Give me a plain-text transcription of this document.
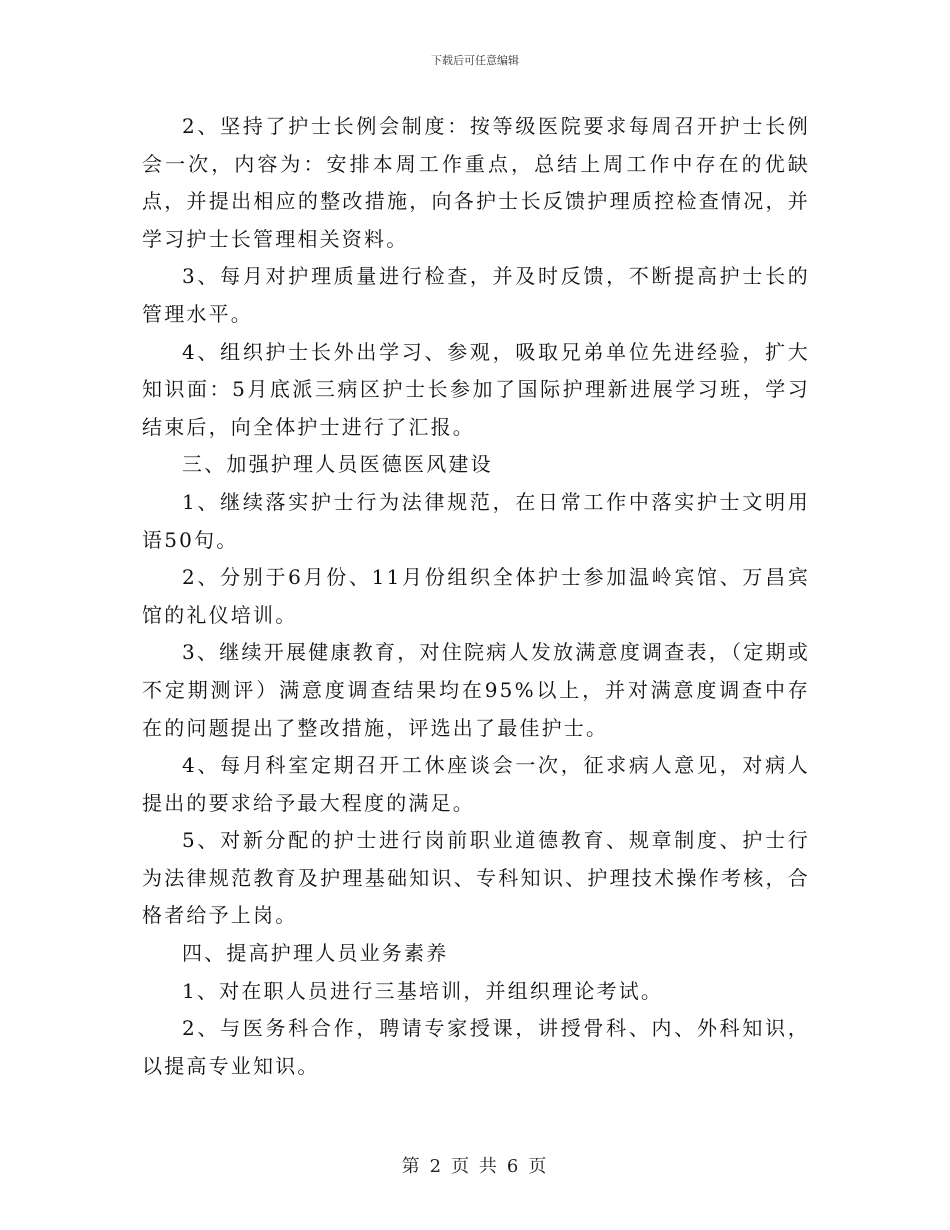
下载后可任意编辑

2、坚持了护士长例会制度：按等级医院要求每周召开护士长例会一次，内容为：安排本周工作重点，总结上周工作中存在的优缺点，并提出相应的整改措施，向各护士长反馈护理质控检查情况，并学习护士长管理相关资料。

3、每月对护理质量进行检查，并及时反馈，不断提高护士长的管理水平。

4、组织护士长外出学习、参观，吸取兄弟单位先进经验，扩大知识面：5月底派三病区护士长参加了国际护理新进展学习班，学习结束后，向全体护士进行了汇报。

三、加强护理人员医德医风建设

1、继续落实护士行为法律规范，在日常工作中落实护士文明用语50句。

2、分别于6月份、11月份组织全体护士参加温岭宾馆、万昌宾馆的礼仪培训。

3、继续开展健康教育，对住院病人发放满意度调查表，（定期或不定期测评）满意度调查结果均在95%以上，并对满意度调查中存在的问题提出了整改措施，评选出了最佳护士。

4、每月科室定期召开工休座谈会一次，征求病人意见，对病人提出的要求给予最大程度的满足。

5、对新分配的护士进行岗前职业道德教育、规章制度、护士行为法律规范教育及护理基础知识、专科知识、护理技术操作考核，合格者给予上岗。

四、提高护理人员业务素养

1、对在职人员进行三基培训，并组织理论考试。

2、与医务科合作，聘请专家授课，讲授骨科、内、外科知识，以提高专业知识。

第 2 页 共 6 页
